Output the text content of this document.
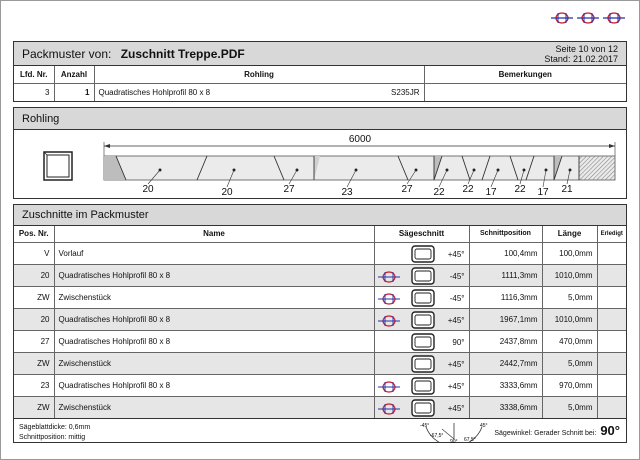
Packmuster von: Zuschnitt Treppe.PDF	Seite 10 von 12
Stand: 21.02.2017
Lfd. Nr.	Anzahl	Rohling	Bemerkungen
3	1	Quadratisches Hohlprofil 80 x 8 S235JR	

Rohling
6000
20	20	27	23	27 22 22 17 22 17 21
Zuschnitte im Packmuster
Pos. Nr.	Name	Sägeschnitt	Schnittposition	Länge	Erledigt
V	Vorlauf	+45°	100,4mm	100,0mm	
20	Quadratisches Hohlprofil 80 x 8	-45°	1111,3mm	1010,0mm	
ZW	Zwischenstück	-45°	1116,3mm	5,0mm	
20	Quadratisches Hohlprofil 80 x 8	+45°	1967,1mm	1010,0mm	
27	Quadratisches Hohlprofil 80 x 8	90°	2437,8mm	470,0mm	
ZW	Zwischenstück	+45°	2442,7mm	5,0mm	
23	Quadratisches Hohlprofil 80 x 8	+45°	3333,6mm	970,0mm	
ZW	Zwischenstück	+45°	3338,6mm	5,0mm	
Sägeblattdicke: 0,6mm
Schnittposition: mittig
-45°	45°
-67,5°
90° 67,5°
Sägewinkel: Gerader Schnitt bei: 90°
